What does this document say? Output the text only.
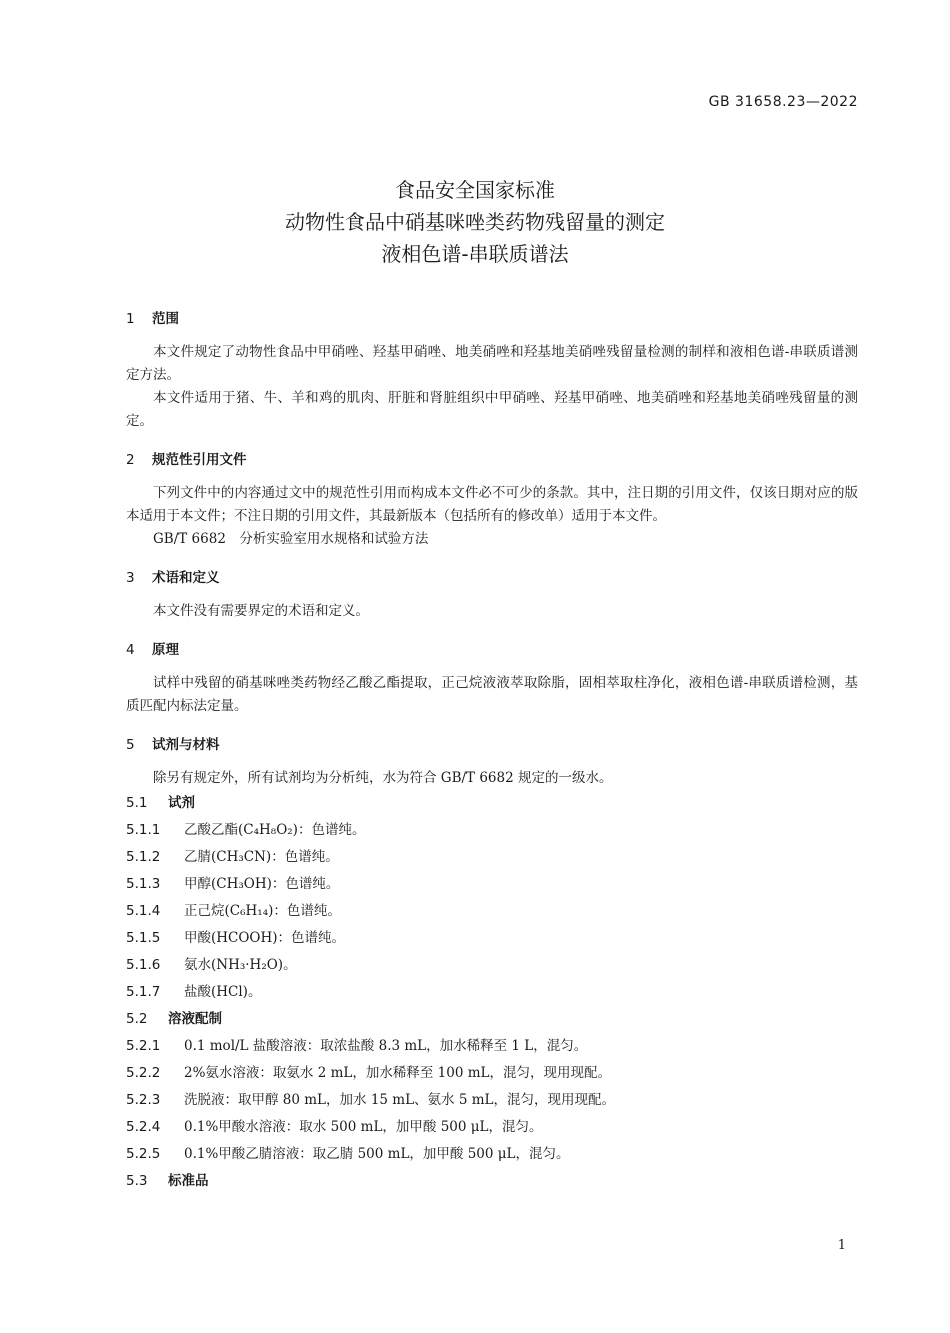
GB 31658.23—2022
食品安全国家标准
动物性食品中硝基咪唑类药物残留量的测定
液相色谱-串联质谱法
1 范围

本文件规定了动物性食品中甲硝唑、羟基甲硝唑、地美硝唑和羟基地美硝唑残留量检测的制样和液相色谱-串联质谱测定方法。

本文件适用于猪、牛、羊和鸡的肌肉、肝脏和肾脏组织中甲硝唑、羟基甲硝唑、地美硝唑和羟基地美硝唑残留量的测定。

2 规范性引用文件

下列文件中的内容通过文中的规范性引用而构成本文件必不可少的条款。其中，注日期的引用文件，仅该日期对应的版本适用于本文件；不注日期的引用文件，其最新版本（包括所有的修改单）适用于本文件。

GB/T 6682　分析实验室用水规格和试验方法

3 术语和定义

本文件没有需要界定的术语和定义。

4 原理

试样中残留的硝基咪唑类药物经乙酸乙酯提取，正己烷液液萃取除脂，固相萃取柱净化，液相色谱-串联质谱检测，基质匹配内标法定量。

5 试剂与材料

除另有规定外，所有试剂均为分析纯，水为符合 GB/T 6682 规定的一级水。

5.1 试剂
5.1.1 乙酸乙酯(C₄H₈O₂)：色谱纯。
5.1.2 乙腈(CH₃CN)：色谱纯。
5.1.3 甲醇(CH₃OH)：色谱纯。
5.1.4 正己烷(C₆H₁₄)：色谱纯。
5.1.5 甲酸(HCOOH)：色谱纯。
5.1.6 氨水(NH₃·H₂O)。
5.1.7 盐酸(HCl)。
5.2 溶液配制
5.2.1 0.1 mol/L 盐酸溶液：取浓盐酸 8.3 mL，加水稀释至 1 L，混匀。
5.2.2 2%氨水溶液：取氨水 2 mL，加水稀释至 100 mL，混匀，现用现配。
5.2.3 洗脱液：取甲醇 80 mL，加水 15 mL、氨水 5 mL，混匀，现用现配。
5.2.4 0.1%甲酸水溶液：取水 500 mL，加甲酸 500 μL，混匀。
5.2.5 0.1%甲酸乙腈溶液：取乙腈 500 mL，加甲酸 500 μL，混匀。
5.3 标准品
1
